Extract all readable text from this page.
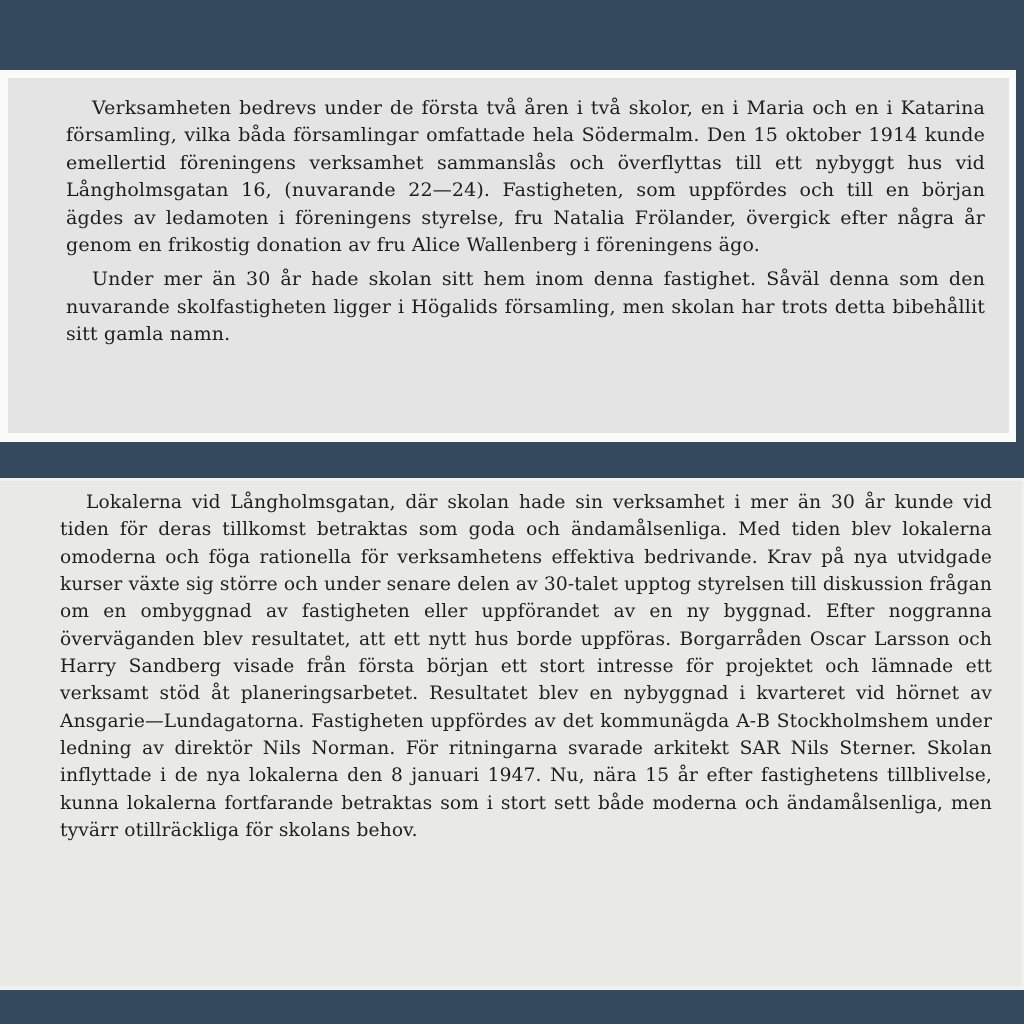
Verksamheten bedrevs under de första två åren i två skolor, en i Maria och en i Katarina församling, vilka båda församlingar omfattade hela Södermalm. Den 15 oktober 1914 kunde emellertid föreningens verksamhet sammanslås och överflyttas till ett nybyggt hus vid Långholmsgatan 16, (nuvarande 22—24). Fastigheten, som uppfördes och till en början ägdes av ledamoten i föreningens styrelse, fru Natalia Frölander, övergick efter några år genom en frikostig donation av fru Alice Wallenberg i föreningens ägo.

Under mer än 30 år hade skolan sitt hem inom denna fastighet. Såväl denna som den nuvarande skolfastigheten ligger i Högalids församling, men skolan har trots detta bibehållit sitt gamla namn.

Lokalerna vid Långholmsgatan, där skolan hade sin verksamhet i mer än 30 år kunde vid tiden för deras tillkomst betraktas som goda och ändamålsenliga. Med tiden blev lokalerna omoderna och föga rationella för verksamhetens effektiva bedrivande. Krav på nya utvidgade kurser växte sig större och under senare delen av 30-talet upptog styrelsen till diskussion frågan om en ombyggnad av fastigheten eller uppförandet av en ny byggnad. Efter noggranna överväganden blev resultatet, att ett nytt hus borde uppföras. Borgarråden Oscar Larsson och Harry Sandberg visade från första början ett stort intresse för projektet och lämnade ett verksamt stöd åt planeringsarbetet. Resultatet blev en nybyggnad i kvarteret vid hörnet av Ansgarie—Lundagatorna. Fastigheten uppfördes av det kommunägda A-B Stockholmshem under ledning av direktör Nils Norman. För ritningarna svarade arkitekt SAR Nils Sterner. Skolan inflyttade i de nya lokalerna den 8 januari 1947. Nu, nära 15 år efter fastighetens tillblivelse, kunna lokalerna fortfarande betraktas som i stort sett både moderna och ändamålsenliga, men tyvärr otillräckliga för skolans behov.
